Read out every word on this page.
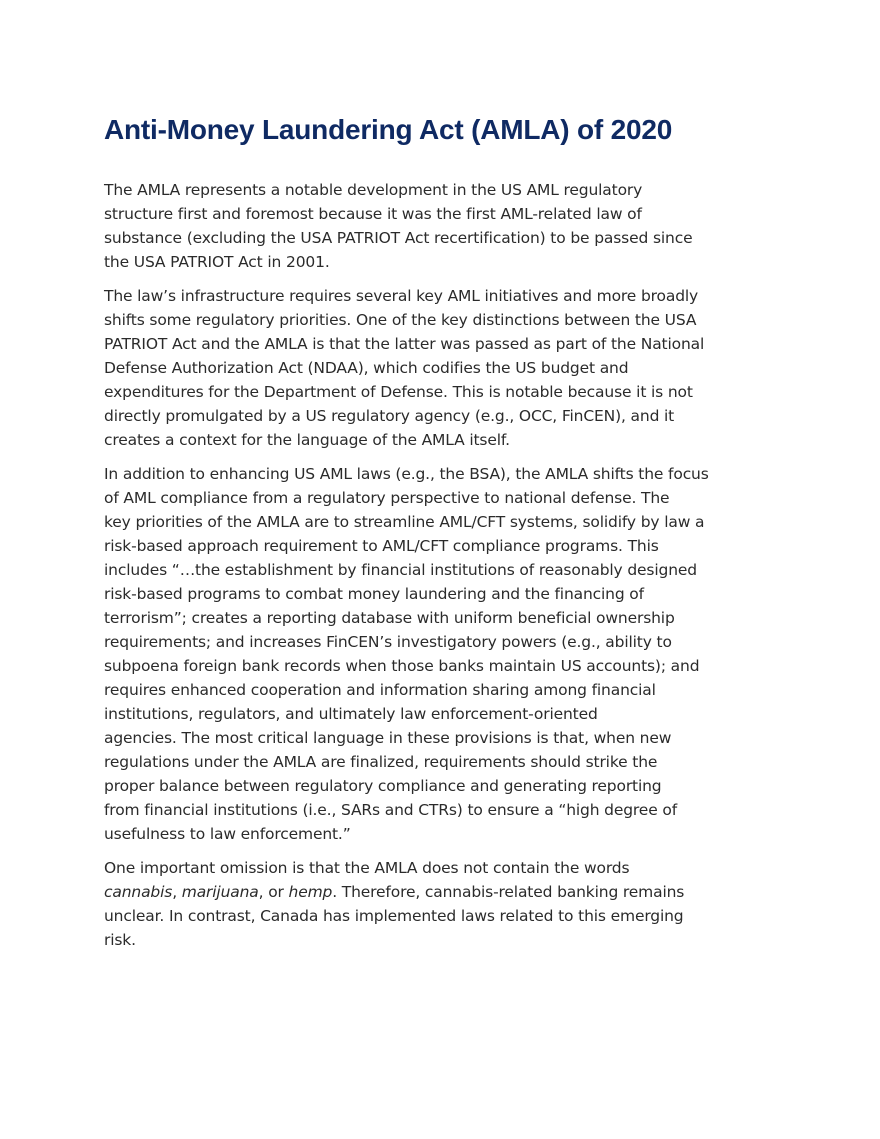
Anti-Money Laundering Act (AMLA) of 2020

The AMLA represents a notable development in the US AML regulatory
structure first and foremost because it was the first AML-related law of
substance (excluding the USA PATRIOT Act recertification) to be passed since
the USA PATRIOT Act in 2001.

The law’s infrastructure requires several key AML initiatives and more broadly
shifts some regulatory priorities. One of the key distinctions between the USA
PATRIOT Act and the AMLA is that the latter was passed as part of the National
Defense Authorization Act (NDAA), which codifies the US budget and
expenditures for the Department of Defense. This is notable because it is not
directly promulgated by a US regulatory agency (e.g., OCC, FinCEN), and it
creates a context for the language of the AMLA itself.

In addition to enhancing US AML laws (e.g., the BSA), the AMLA shifts the focus
of AML compliance from a regulatory perspective to national defense. The
key priorities of the AMLA are to streamline AML/CFT systems, solidify by law a
risk-based approach requirement to AML/CFT compliance programs. This
includes “…the establishment by financial institutions of reasonably designed
risk-based programs to combat money laundering and the financing of
terrorism”; creates a reporting database with uniform beneficial ownership
requirements; and increases FinCEN’s investigatory powers (e.g., ability to
subpoena foreign bank records when those banks maintain US accounts); and
requires enhanced cooperation and information sharing among financial
institutions, regulators, and ultimately law enforcement-oriented
agencies. The most critical language in these provisions is that, when new
regulations under the AMLA are finalized, requirements should strike the
proper balance between regulatory compliance and generating reporting
from financial institutions (i.e., SARs and CTRs) to ensure a “high degree of
usefulness to law enforcement.”

One important omission is that the AMLA does not contain the words
cannabis, marijuana, or hemp. Therefore, cannabis-related banking remains
unclear. In contrast, Canada has implemented laws related to this emerging
risk.
